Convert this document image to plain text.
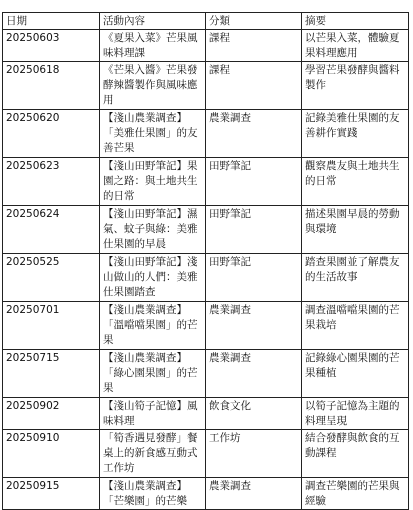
日期	活動內容	分類	摘要
20250603	《夏果入菜》芒果風味料理課	課程	以芒果入菜，體驗夏果料理應用
20250618	《芒果入醬》芒果發酵辣醬製作與風味應用	課程	學習芒果發酵與醬料製作
20250620	【淺山農業調查】「美雅仕果園」的友善芒果	農業調查	記錄美雅仕果園的友善耕作實踐
20250623	【淺山田野筆記】果園之路：與土地共生的日常	田野筆記	觀察農友與土地共生的日常
20250624	【淺山田野筆記】濕氣、蚊子與綠：美雅仕果園的早晨	田野筆記	描述果園早晨的勞動與環境
20250525	【淺山田野筆記】淺山做山的人們：美雅仕果園踏查	田野筆記	踏查果園並了解農友的生活故事
20250701	【淺山農業調查】「溫噹噹果園」的芒果	農業調查	調查溫噹噹果園的芒果栽培
20250715	【淺山農業調查】「綠心園果園」的芒果	農業調查	記錄綠心園果園的芒果種植
20250902	【淺山筍子記憶】風味料理	飲食文化	以筍子記憶為主題的料理呈現
20250910	「筍香遇見發酵」餐桌上的新食感互動式工作坊	工作坊	結合發酵與飲食的互動課程
20250915	【淺山農業調查】「芒樂園」的芒樂	農業調查	調查芒樂園的芒果與經驗
